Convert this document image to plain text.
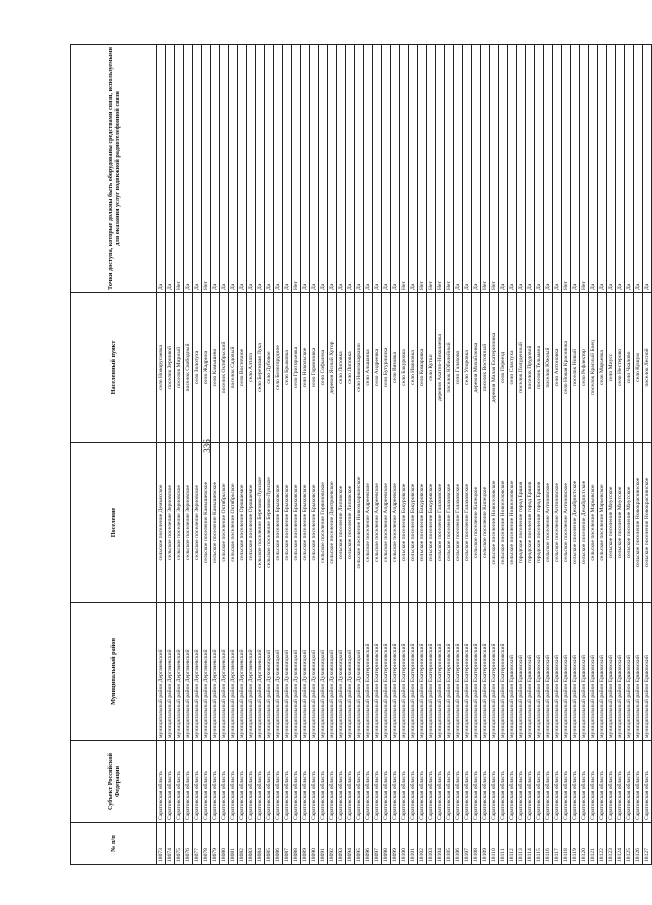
336
№ п/п	Субъект Российской Федерации	Муниципальный район	Поселение	Населенный пункт	Точки доступа, которые должны быть оборудованы средствами связи, используемыми для оказания услуг подвижной радиотелефонной связи
18073	Саратовская область	муниципальный район Дергачевский	сельское поселение Демьясское	село Новорусаевка	Да
18074	Саратовская область	муниципальный район Дергачевский	сельское поселение Зерновское	поселок Зерновой	Да
18075	Саратовская область	муниципальный район Дергачевский	сельское поселение Зерновское	поселок Мирный	Нет
18076	Саратовская область	муниципальный район Дергачевский	сельское поселение Зерновское	поселок Свободный	Да
18077	Саратовская область	муниципальный район Дергачевский	сельское поселение Зерновское	село Золотуха	Да
18078	Саратовская область	муниципальный район Дергачевский	сельское поселение Камышевское	село Жадрина	Нет
18079	Саратовская область	муниципальный район Дергачевский	сельское поселение Камышевское	село Камышево	Да
18080	Саратовская область	муниципальный район Дергачевский	сельское поселение Октябрьское	поселок Октябрьский	Да
18081	Саратовская область	муниципальный район Дергачевский	сельское поселение Октябрьское	поселок Садовый	Да
18082	Саратовская область	муниципальный район Дергачевский	сельское поселение Орошаемое	село Восточное	Да
18083	Саратовская область	муниципальный район Дергачевский	сельское поселение Орошаемое	село Алтата	Да
18084	Саратовская область	муниципальный район Дергачевский	сельское поселение Березово-Лукское	село Березовая Лука	Да
18085	Саратовская область	муниципальный район Духовницкий	сельское поселение Березово-Лукское	село Дубовое	Да
18086	Саратовская область	муниципальный район Духовницкий	сельское поселение Брыковское	село Белогорудное	Да
18087	Саратовская область	муниципальный район Духовницкий	сельское поселение Брыковское	село Брыковка	Да
18088	Саратовская область	муниципальный район Духовницкий	сельское поселение Брыковское	село Григорьевка	Нет
18089	Саратовская область	муниципальный район Духовницкий	сельское поселение Брыковское	село Никольское	Да
18090	Саратовская область	муниципальный район Духовницкий	сельское поселение Брыковское	село Горяиновка	Да
18091	Саратовская область	муниципальный район Духовницкий	сельское поселение Горяиновское	село Софьинка	Да
18092	Саратовская область	муниципальный район Духовницкий	сельское поселение Дмитриевское	деревня Ясный Хутор	Да
18093	Саратовская область	муниципальный район Духовницкий	сельское поселение Липовское	село Липовка	Да
18094	Саратовская область	муниципальный район Духовницкий	сельское поселение Липовское	село Липовка	Да
18095	Саратовская область	муниципальный район Духовницкий	сельское поселение Новозахаркинское	село Новозахаркино	Да
18096	Саратовская область	муниципальный район Екатериновский	сельское поселение Андреевское	село Альшанка	Да
18097	Саратовская область	муниципальный район Екатериновский	сельское поселение Андреевское	село Андреевка	Да
18098	Саратовская область	муниципальный район Екатериновский	сельское поселение Андреевское	село Бутурлинка	Да
18099	Саратовская область	муниципальный район Екатериновский	сельское поселение Андреевское	село Вязовка	Да
18100	Саратовская область	муниципальный район Екатериновский	сельское поселение Бакуровское	село Бакуровка	Нет
18101	Саратовская область	муниципальный район Екатериновский	сельское поселение Бакуровское	село Ивановка	Да
18102	Саратовская область	муниципальный район Екатериновский	сельское поселение Бакуровское	село Комаровка	Нет
18103	Саратовская область	муниципальный район Екатериновский	сельское поселение Бакуровское	село Кутки	Нет
18104	Саратовская область	муниципальный район Екатериновский	сельское поселение Галаховское	деревня Акатно-Николаевка	Нет
18105	Саратовская область	муниципальный район Екатериновский	сельское поселение Галаховское	поселок Юбилейный	Нет
18106	Саратовская область	муниципальный район Екатериновский	сельское поселение Галаховское	село Галахово	Да
18107	Саратовская область	муниципальный район Екатериновский	сельское поселение Галаховское	село Упоровка	Да
18108	Саратовская область	муниципальный район Екатериновский	сельское поселение Кипецкое	деревня Михайловка	Да
18109	Саратовская область	муниципальный район Екатериновский	сельское поселение Кипецкое	поселок Восточный	Нет
18110	Саратовская область	муниципальный район Екатериновский	сельское поселение Новоселовское	деревня Малая Екатериновка	Нет
18111	Саратовская область	муниципальный район Екатериновский	сельское поселение Новоселовское	село Переезд	Да
18112	Саратовская область	муниципальный район Ершовский	сельское поселение Новоселовское	село Сластуха	Да
18113	Саратовская область	муниципальный район Ершовский	городское поселение город Ершов	поселок Полуденный	Да
18114	Саратовская область	муниципальный район Ершовский	городское поселение город Ершов	поселок Прудовой	Да
18115	Саратовская область	муниципальный район Ершовский	городское поселение город Ершов	поселок Тельмана	Да
18116	Саратовская область	муниципальный район Ершовский	сельское поселение Антоновское	поселок Южный	Да
18117	Саратовская область	муниципальный район Ершовский	сельское поселение Антоновское	село Антоновка	Да
18118	Саратовская область	муниципальный район Ершовский	сельское поселение Антоновское	село Новая Краснянка	Нет
18119	Саратовская область	муниципальный район Ершовский	сельское поселение Декабристское	поселок Новый	Да
18120	Саратовская область	муниципальный район Ершовский	сельское поселение Декабристское	село Рефлектор	Нет
18121	Саратовская область	муниципальный район Ершовский	сельское поселение Марьевское	поселок Красный Боец	Да
18122	Саратовская область	муниципальный район Ершовский	сельское поселение Марьевское	село Марьевка	Да
18123	Саратовская область	муниципальный район Ершовский	сельское поселение Миусское	село Миусс	Да
18124	Саратовская область	муниципальный район Ершовский	сельское поселение Миусское	село Нестерово	Да
18125	Саратовская область	муниципальный район Ершовский	сельское поселение Миусское	село Чкалово	Да
18126	Саратовская область	муниципальный район Ершовский	сельское поселение Новокраснянское	село Кушум	Да
18127	Саратовская область	муниципальный район Ершовский	сельское поселение Новокраснянское	поселок Лесной	Да
